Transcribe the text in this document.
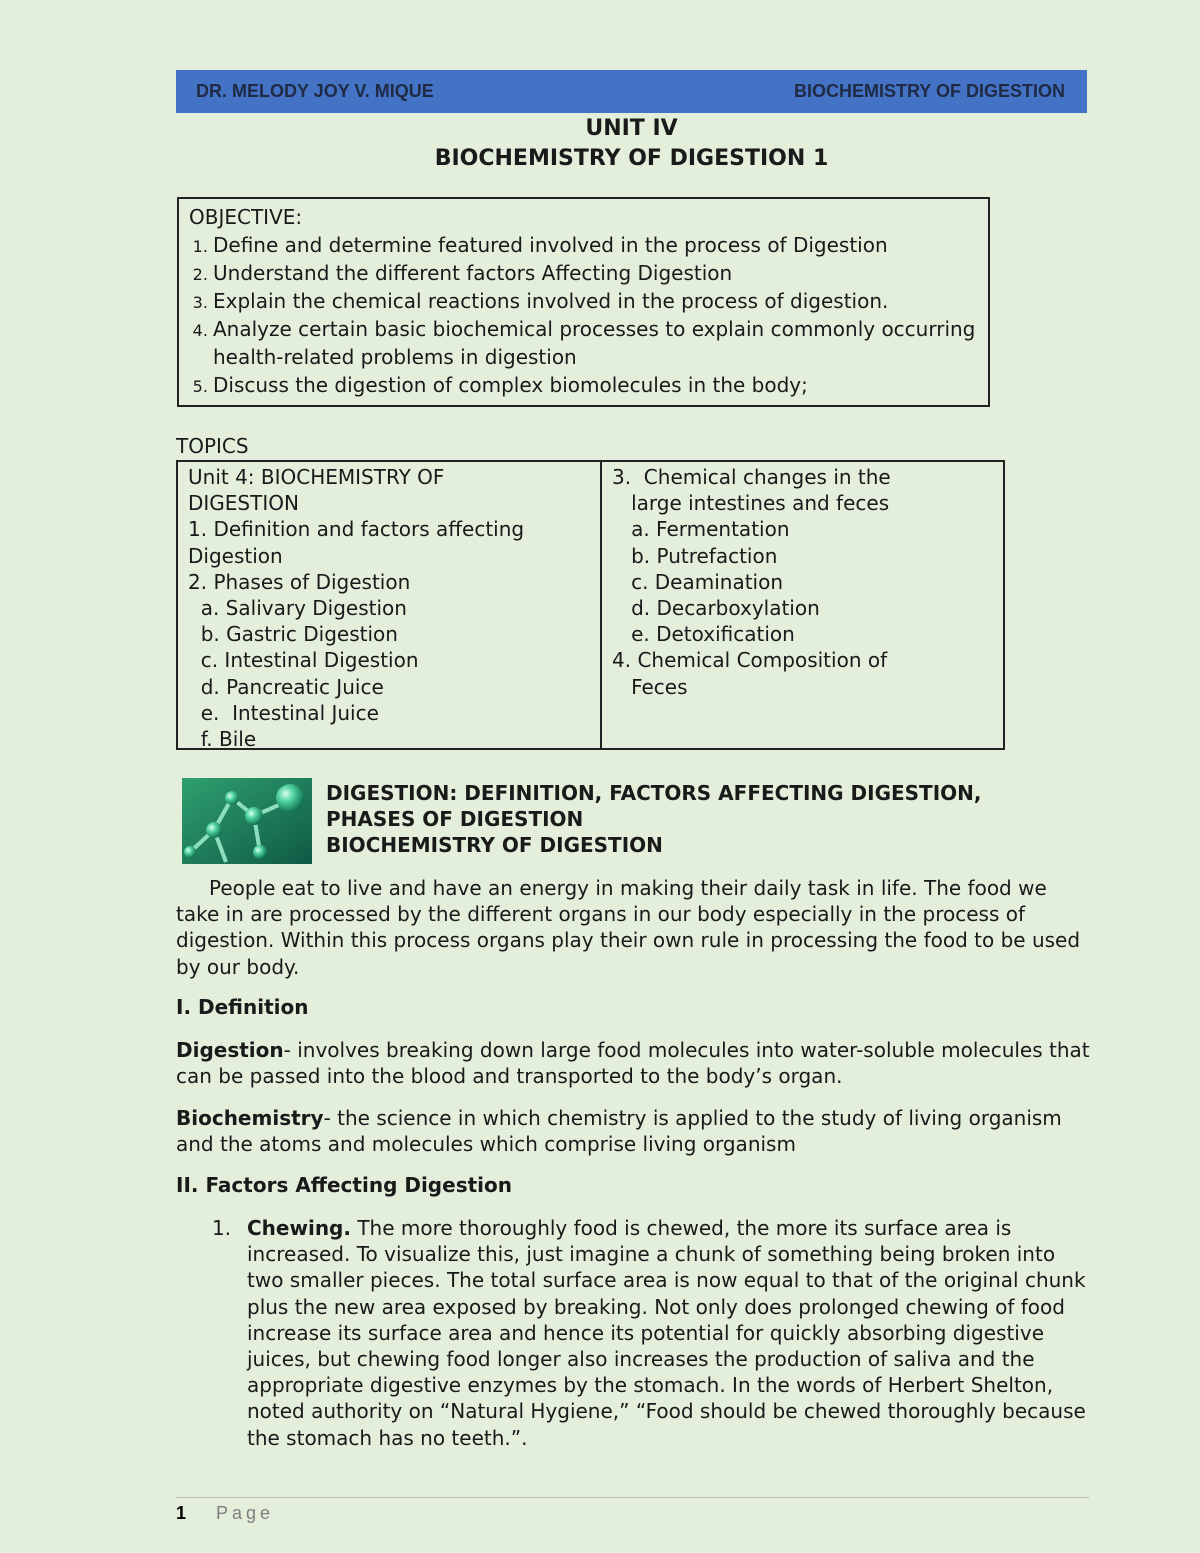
DR. MELODY JOY V. MIQUE	BIOCHEMISTRY OF DIGESTION
UNIT IV
BIOCHEMISTRY OF DIGESTION 1
OBJECTIVE:
1. Define and determine featured involved in the process of Digestion
2. Understand the different factors Affecting Digestion
3. Explain the chemical reactions involved in the process of digestion.
4. Analyze certain basic biochemical processes to explain commonly occurring health-related problems in digestion
5. Discuss the digestion of complex biomolecules in the body;
TOPICS
Unit 4: BIOCHEMISTRY OF
DIGESTION
1. Definition and factors affecting
Digestion
2. Phases of Digestion
a. Salivary Digestion
b. Gastric Digestion
c. Intestinal Digestion
d. Pancreatic Juice
e.  Intestinal Juice
f. Bile
3.  Chemical changes in the
large intestines and feces
a. Fermentation
b. Putrefaction
c. Deamination
d. Decarboxylation
e. Detoxification
4. Chemical Composition of
Feces
DIGESTION: DEFINITION, FACTORS AFFECTING DIGESTION,
PHASES OF DIGESTION
BIOCHEMISTRY OF DIGESTION
People eat to live and have an energy in making their daily task in life. The food we take in are processed by the different organs in our body especially in the process of digestion. Within this process organs play their own rule in processing the food to be used by our body.
I. Definition
Digestion- involves breaking down large food molecules into water-soluble molecules that can be passed into the blood and transported to the body’s organ.
Biochemistry- the science in which chemistry is applied to the study of living organism and the atoms and molecules which comprise living organism
II. Factors Affecting Digestion
1. Chewing. The more thoroughly food is chewed, the more its surface area is increased. To visualize this, just imagine a chunk of something being broken into two smaller pieces. The total surface area is now equal to that of the original chunk plus the new area exposed by breaking. Not only does prolonged chewing of food increase its surface area and hence its potential for quickly absorbing digestive juices, but chewing food longer also increases the production of saliva and the appropriate digestive enzymes by the stomach. In the words of Herbert Shelton, noted authority on “Natural Hygiene,” “Food should be chewed thoroughly because the stomach has no teeth.”.
1 Page
